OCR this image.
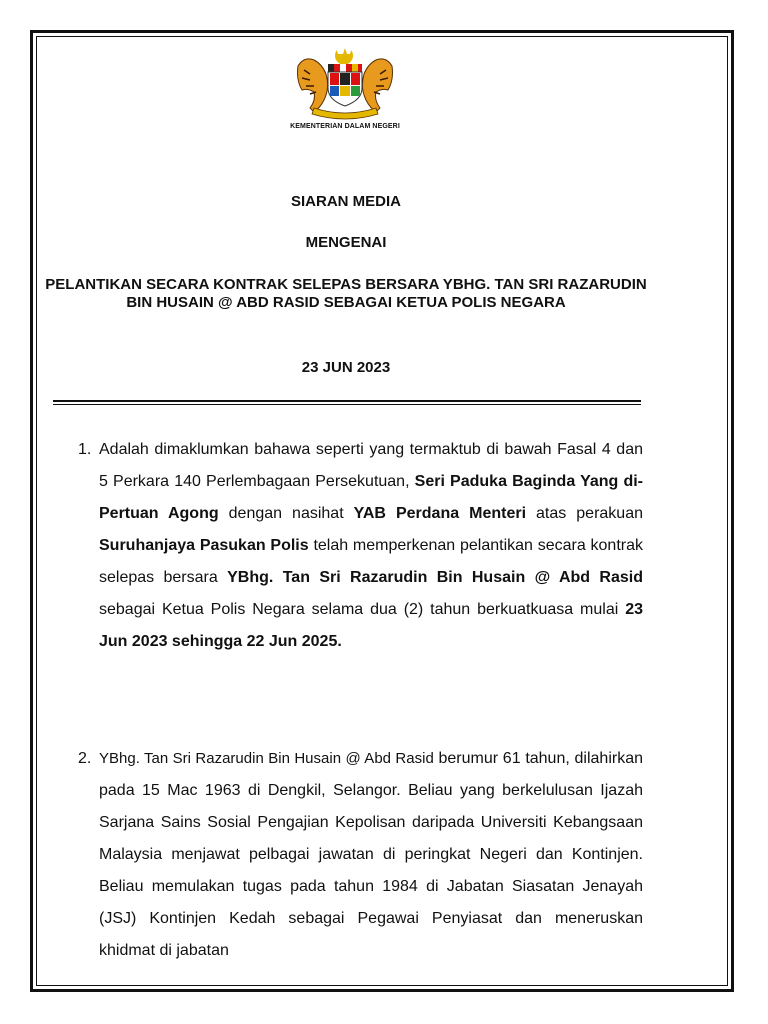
KEMENTERIAN DALAM NEGERI
SIARAN MEDIA
MENGENAI
PELANTIKAN SECARA KONTRAK SELEPAS BERSARA YBHG. TAN SRI RAZARUDIN BIN HUSAIN @ ABD RASID SEBAGAI KETUA POLIS NEGARA
23 JUN 2023
1. Adalah dimaklumkan bahawa seperti yang termaktub di bawah Fasal 4 dan 5 Perkara 140 Perlembagaan Persekutuan, Seri Paduka Baginda Yang di-Pertuan Agong dengan nasihat YAB Perdana Menteri atas perakuan Suruhanjaya Pasukan Polis telah memperkenan pelantikan secara kontrak selepas bersara YBhg. Tan Sri Razarudin Bin Husain @ Abd Rasid sebagai Ketua Polis Negara selama dua (2) tahun berkuatkuasa mulai 23 Jun 2023 sehingga 22 Jun 2025.
2. YBhg. Tan Sri Razarudin Bin Husain @ Abd Rasid berumur 61 tahun, dilahirkan pada 15 Mac 1963 di Dengkil, Selangor. Beliau yang berkelulusan Ijazah Sarjana Sains Sosial Pengajian Kepolisan daripada Universiti Kebangsaan Malaysia menjawat pelbagai jawatan di peringkat Negeri dan Kontinjen. Beliau memulakan tugas pada tahun 1984 di Jabatan Siasatan Jenayah (JSJ) Kontinjen Kedah sebagai Pegawai Penyiasat dan meneruskan khidmat di jabatan
